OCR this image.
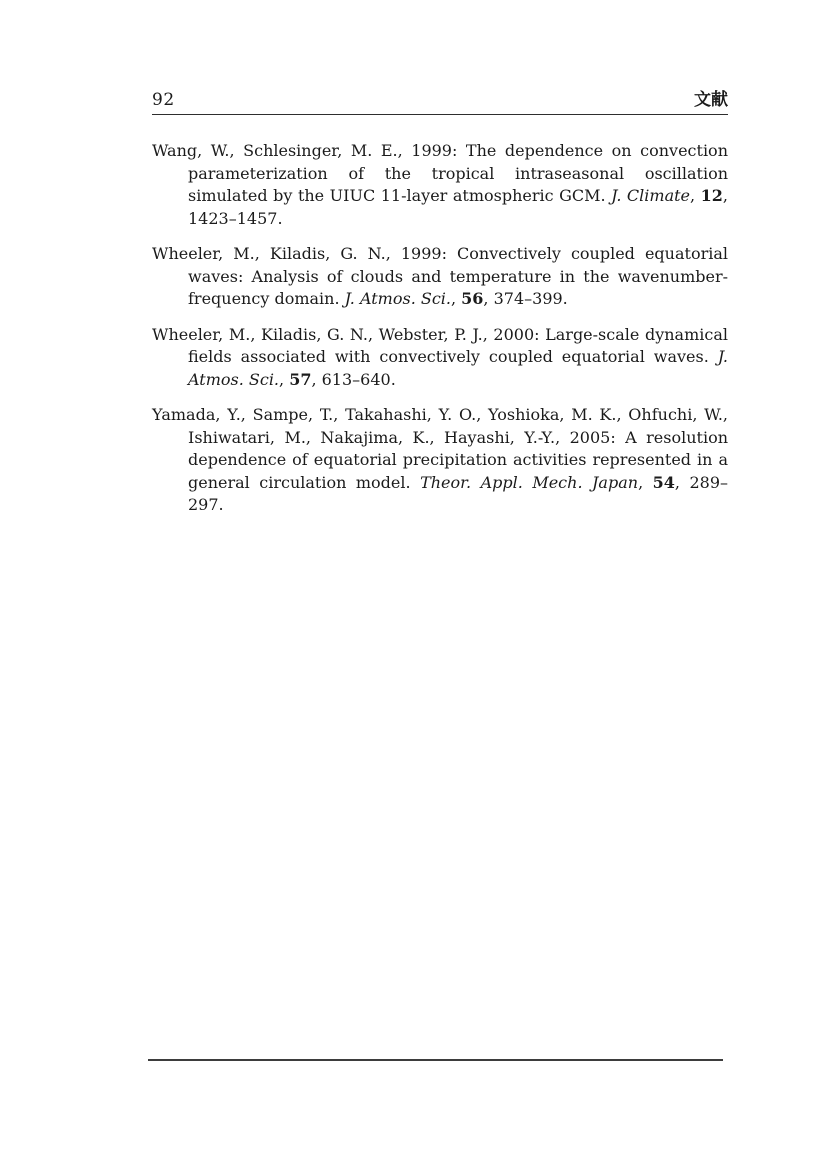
92	文献

Wang, W., Schlesinger, M. E., 1999: The dependence on convection parameterization of the tropical intraseasonal oscillation simulated by the UIUC 11-layer atmospheric GCM. J. Climate, 12, 1423–1457.

Wheeler, M., Kiladis, G. N., 1999: Convectively coupled equatorial waves: Analysis of clouds and temperature in the wavenumber-frequency domain. J. Atmos. Sci., 56, 374–399.

Wheeler, M., Kiladis, G. N., Webster, P. J., 2000: Large-scale dynamical fields associated with convectively coupled equatorial waves. J. Atmos. Sci., 57, 613–640.

Yamada, Y., Sampe, T., Takahashi, Y. O., Yoshioka, M. K., Ohfuchi, W., Ishiwatari, M., Nakajima, K., Hayashi, Y.-Y., 2005: A resolution dependence of equatorial precipitation activities represented in a general circulation model. Theor. Appl. Mech. Japan, 54, 289–297.
